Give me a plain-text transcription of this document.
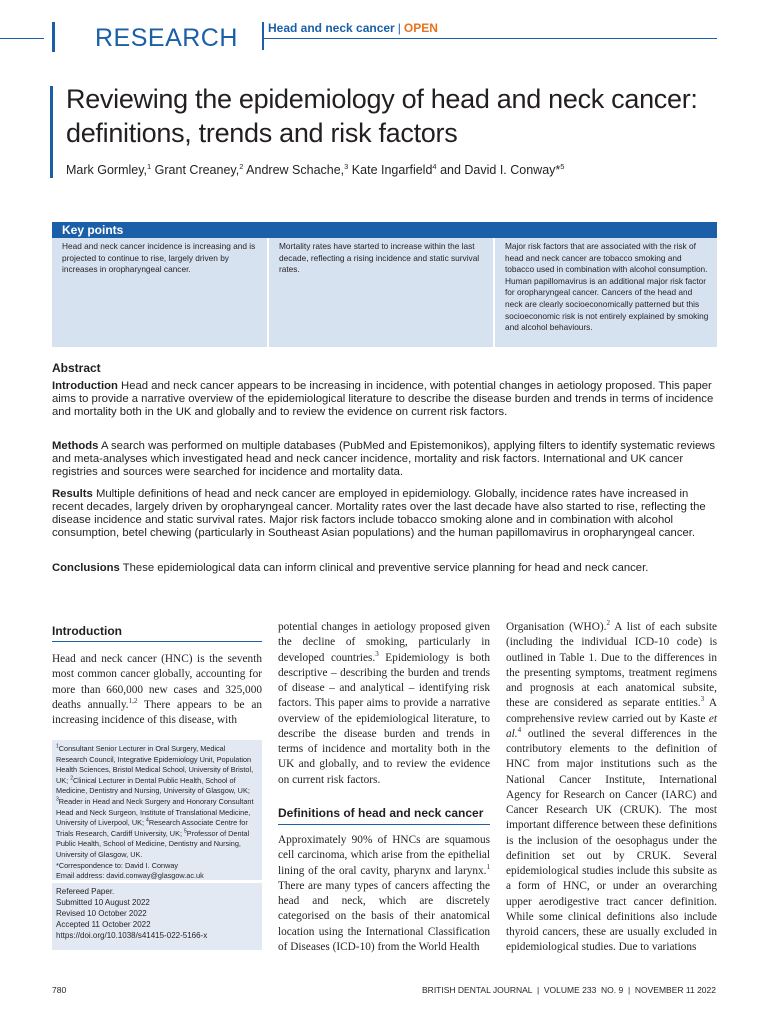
RESEARCH	Head and neck cancer | OPEN
Reviewing the epidemiology of head and neck cancer: definitions, trends and risk factors
Mark Gormley,$^1$ Grant Creaney,$^2$ Andrew Schache,$^3$ Kate Ingarfield$^4$ and David I. Conway*$^5$
Key points
Head and neck cancer incidence is increasing and is projected to continue to rise, largely driven by increases in oropharyngeal cancer.
Mortality rates have started to increase within the last decade, reflecting a rising incidence and static survival rates.
Major risk factors that are associated with the risk of head and neck cancer are tobacco smoking and tobacco used in combination with alcohol consumption. Human papillomavirus is an additional major risk factor for oropharyngeal cancer. Cancers of the head and neck are clearly socioeconomically patterned but this socioeconomic risk is not entirely explained by smoking and alcohol behaviours.
Abstract

Introduction Head and neck cancer appears to be increasing in incidence, with potential changes in aetiology proposed. This paper aims to provide a narrative overview of the epidemiological literature to describe the disease burden and trends in terms of incidence and mortality both in the UK and globally and to review the evidence on current risk factors.

Methods A search was performed on multiple databases (PubMed and Epistemonikos), applying filters to identify systematic reviews and meta-analyses which investigated head and neck cancer incidence, mortality and risk factors. International and UK cancer registries and sources were searched for incidence and mortality data.

Results Multiple definitions of head and neck cancer are employed in epidemiology. Globally, incidence rates have increased in recent decades, largely driven by oropharyngeal cancer. Mortality rates over the last decade have also started to rise, reflecting the disease incidence and static survival rates. Major risk factors include tobacco smoking alone and in combination with alcohol consumption, betel chewing (particularly in Southeast Asian populations) and the human papillomavirus in oropharyngeal cancer.

Conclusions These epidemiological data can inform clinical and preventive service planning for head and neck cancer.

Introduction

Head and neck cancer (HNC) is the seventh most common cancer globally, accounting for more than 660,000 new cases and 325,000 deaths annually.$^{1,2}$ There appears to be an increasing incidence of this disease, with

$^1$Consultant Senior Lecturer in Oral Surgery, Medical Research Council, Integrative Epidemiology Unit, Population Health Sciences, Bristol Medical School, University of Bristol, UK; $^2$Clinical Lecturer in Dental Public Health, School of Medicine, Dentistry and Nursing, University of Glasgow, UK; $^3$Reader in Head and Neck Surgery and Honorary Consultant Head and Neck Surgeon, Institute of Translational Medicine, University of Liverpool, UK; $^4$Research Associate Centre for Trials Research, Cardiff University, UK; $^5$Professor of Dental Public Health, School of Medicine, Dentistry and Nursing, University of Glasgow, UK.
*Correspondence to: David I. Conway
Email address: david.conway@glasgow.ac.uk
Refereed Paper.
Submitted 10 August 2022
Revised 10 October 2022
Accepted 11 October 2022
https://doi.org/10.1038/s41415-022-5166-x

potential changes in aetiology proposed given the decline of smoking, particularly in developed countries.$^3$ Epidemiology is both descriptive – describing the burden and trends of disease – and analytical – identifying risk factors. This paper aims to provide a narrative overview of the epidemiological literature, to describe the disease burden and trends in terms of incidence and mortality both in the UK and globally, and to review the evidence on current risk factors.

Definitions of head and neck cancer

Approximately 90% of HNCs are squamous cell carcinoma, which arise from the epithelial lining of the oral cavity, pharynx and larynx.$^1$ There are many types of cancers affecting the head and neck, which are discretely categorised on the basis of their anatomical location using the International Classification of Diseases (ICD-10) from the World Health

Organisation (WHO).$^2$ A list of each subsite (including the individual ICD-10 code) is outlined in Table 1. Due to the differences in the presenting symptoms, treatment regimens and prognosis at each anatomical subsite, these are considered as separate entities.$^3$ A comprehensive review carried out by Kaste et al.$^4$ outlined the several differences in the contributory elements to the definition of HNC from major institutions such as the National Cancer Institute, International Agency for Research on Cancer (IARC) and Cancer Research UK (CRUK). The most important difference between these definitions is the inclusion of the oesophagus under the definition set out by CRUK. Several epidemiological studies include this subsite as a form of HNC, or under an overarching upper aerodigestive tract cancer definition. While some clinical definitions also include thyroid cancers, these are usually excluded in epidemiological studies. Due to variations

780	BRITISH DENTAL JOURNAL  |  VOLUME 233  NO. 9  |  NOVEMBER 11 2022
